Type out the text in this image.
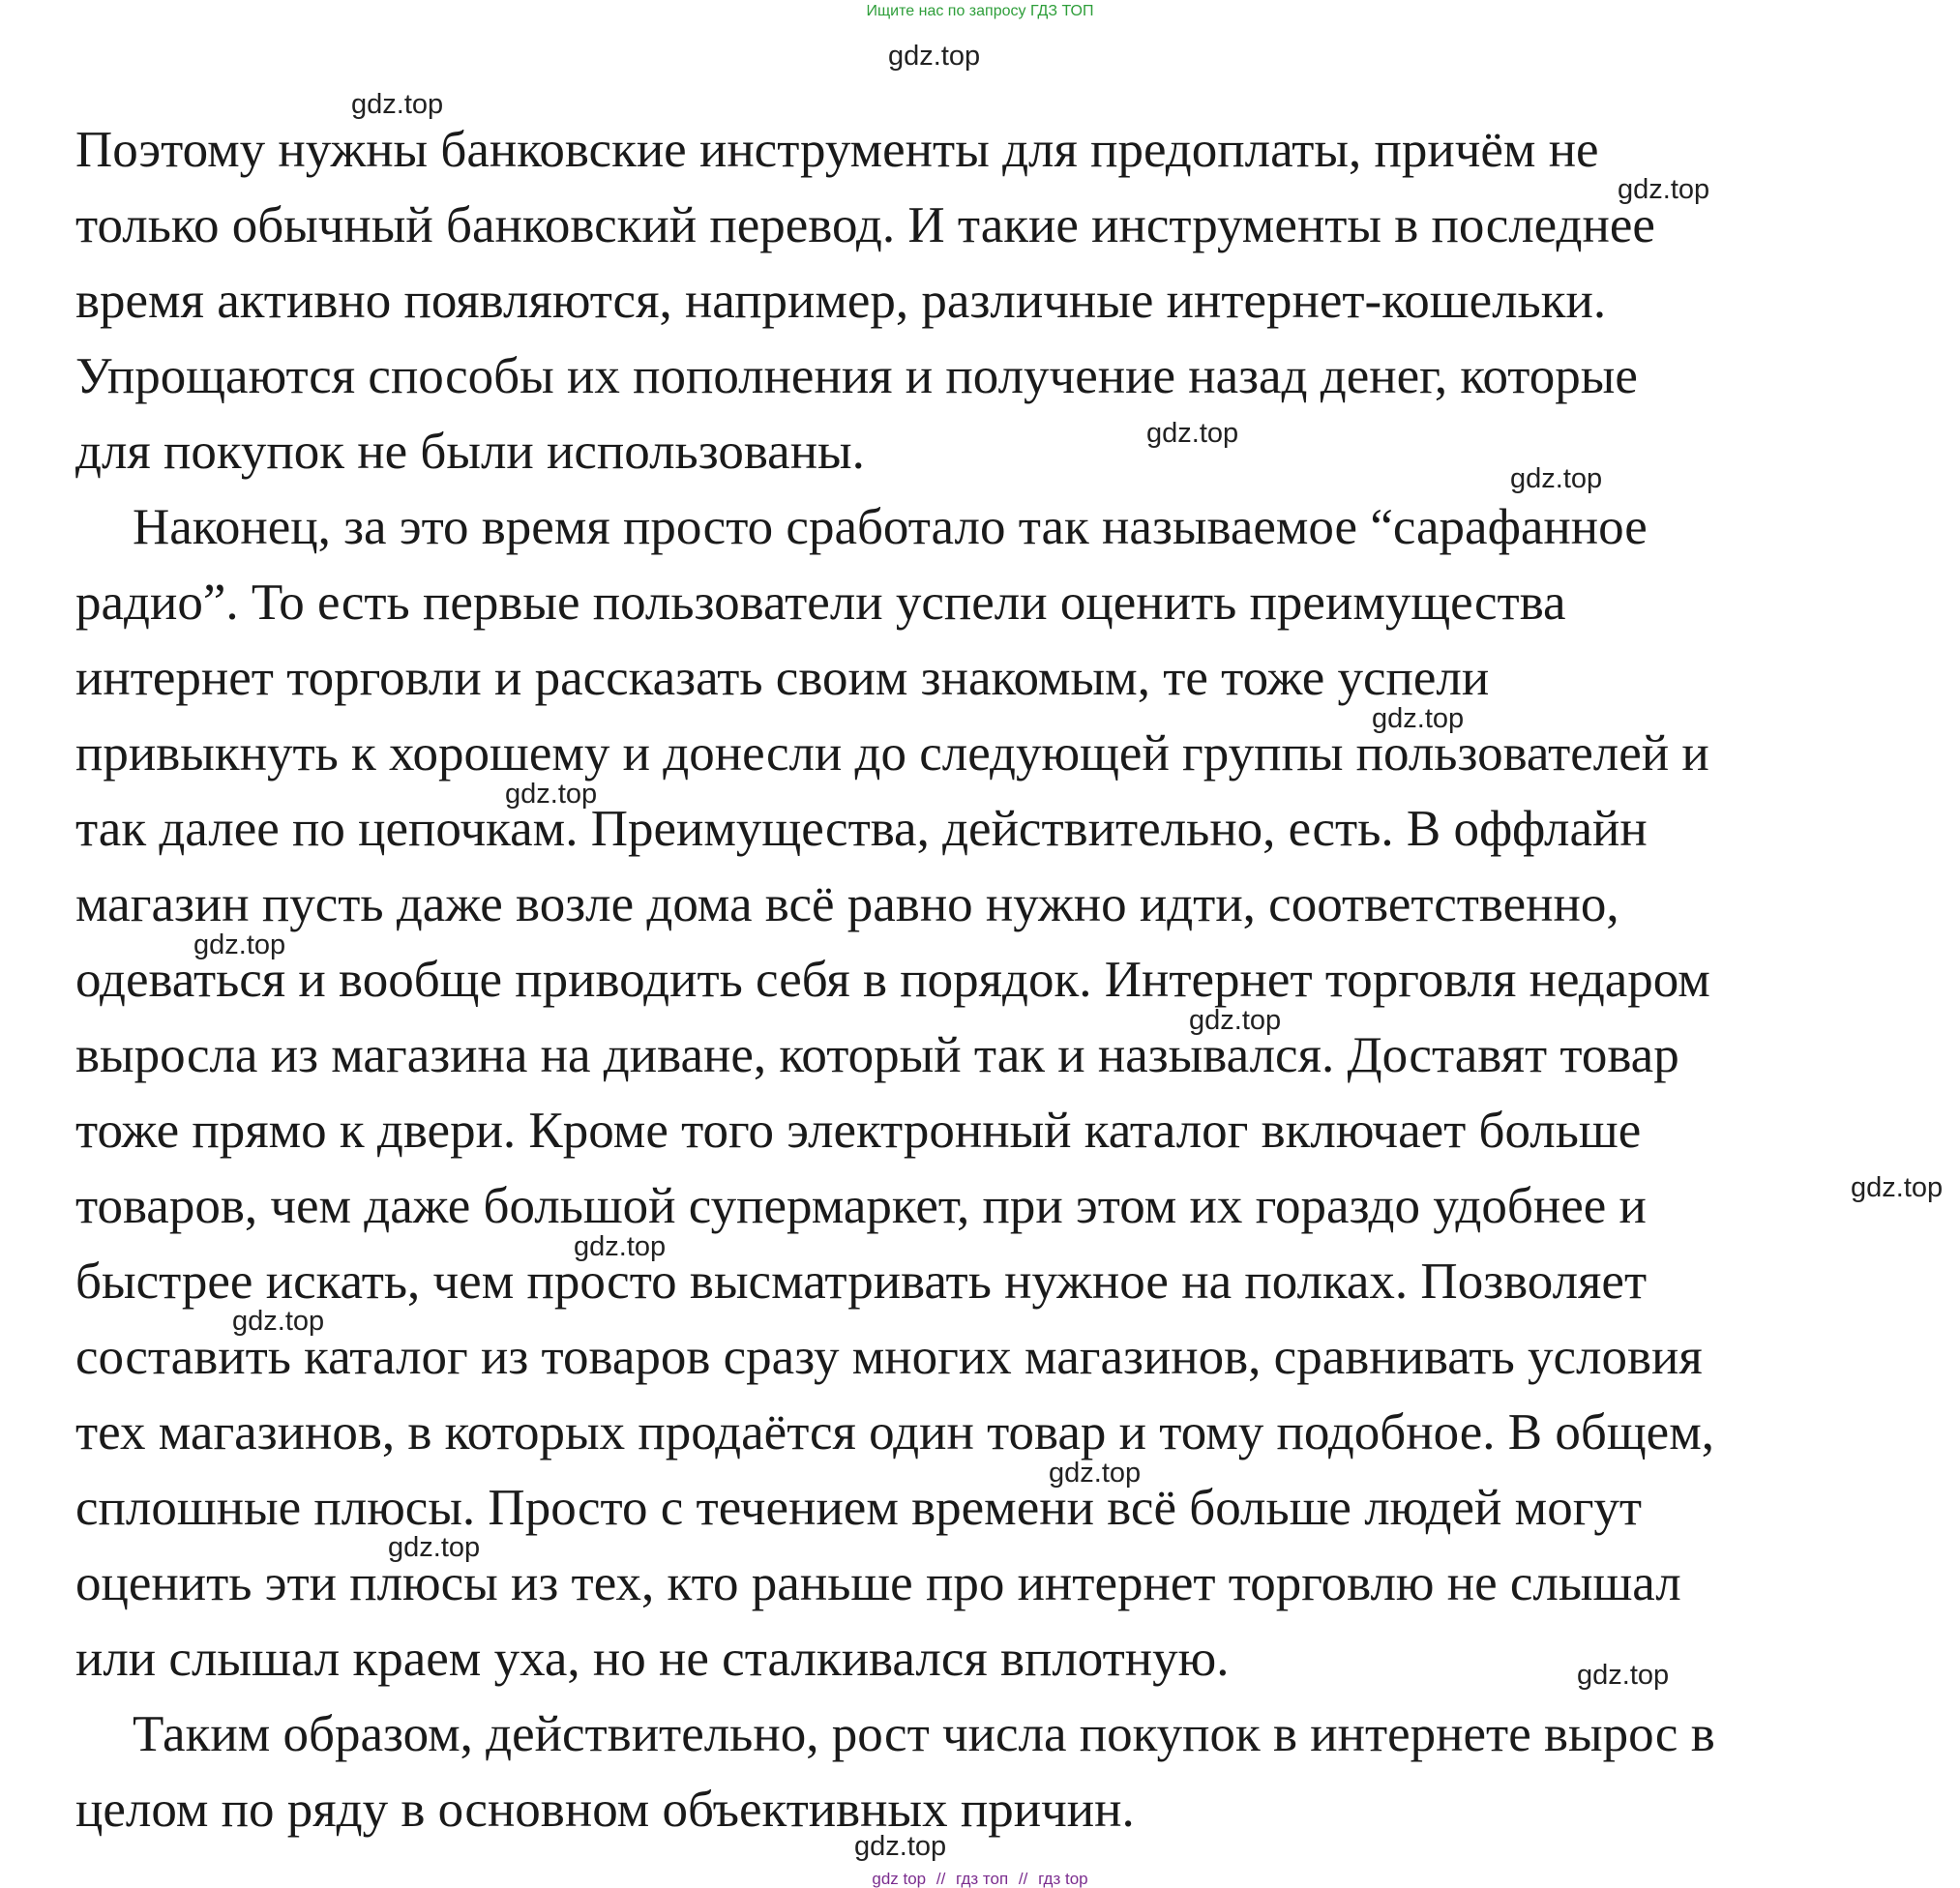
Ищите нас по запросу ГДЗ ТОП
Поэтому нужны банковские инструменты для предоплаты, причём не
только обычный банковский перевод. И такие инструменты в последнее
время активно появляются, например, различные интернет-кошельки.
Упрощаются способы их пополнения и получение назад денег, которые
для покупок не были использованы.
Наконец, за это время просто сработало так называемое “сарафанное
радио”. То есть первые пользователи успели оценить преимущества
интернет торговли и рассказать своим знакомым, те тоже успели
привыкнуть к хорошему и донесли до следующей группы пользователей и
так далее по цепочкам. Преимущества, действительно, есть. В оффлайн
магазин пусть даже возле дома всё равно нужно идти, соответственно,
одеваться и вообще приводить себя в порядок. Интернет торговля недаром
выросла из магазина на диване, который так и назывался. Доставят товар
тоже прямо к двери. Кроме того электронный каталог включает больше
товаров, чем даже большой супермаркет, при этом их гораздо удобнее и
быстрее искать, чем просто высматривать нужное на полках. Позволяет
составить каталог из товаров сразу многих магазинов, сравнивать условия
тех магазинов, в которых продаётся один товар и тому подобное. В общем,
сплошные плюсы. Просто с течением времени всё больше людей могут
оценить эти плюсы из тех, кто раньше про интернет торговлю не слышал
или слышал краем уха, но не сталкивался вплотную.
Таким образом, действительно, рост числа покупок в интернете вырос в
целом по ряду в основном объективных причин.
gdz.top
gdz.top
gdz.top
gdz.top
gdz.top
gdz.top
gdz.top
gdz.top
gdz.top
gdz.top
gdz.top
gdz.top
gdz.top
gdz.top
gdz.top
gdz.top
gdz top // гдз топ // гдз top
